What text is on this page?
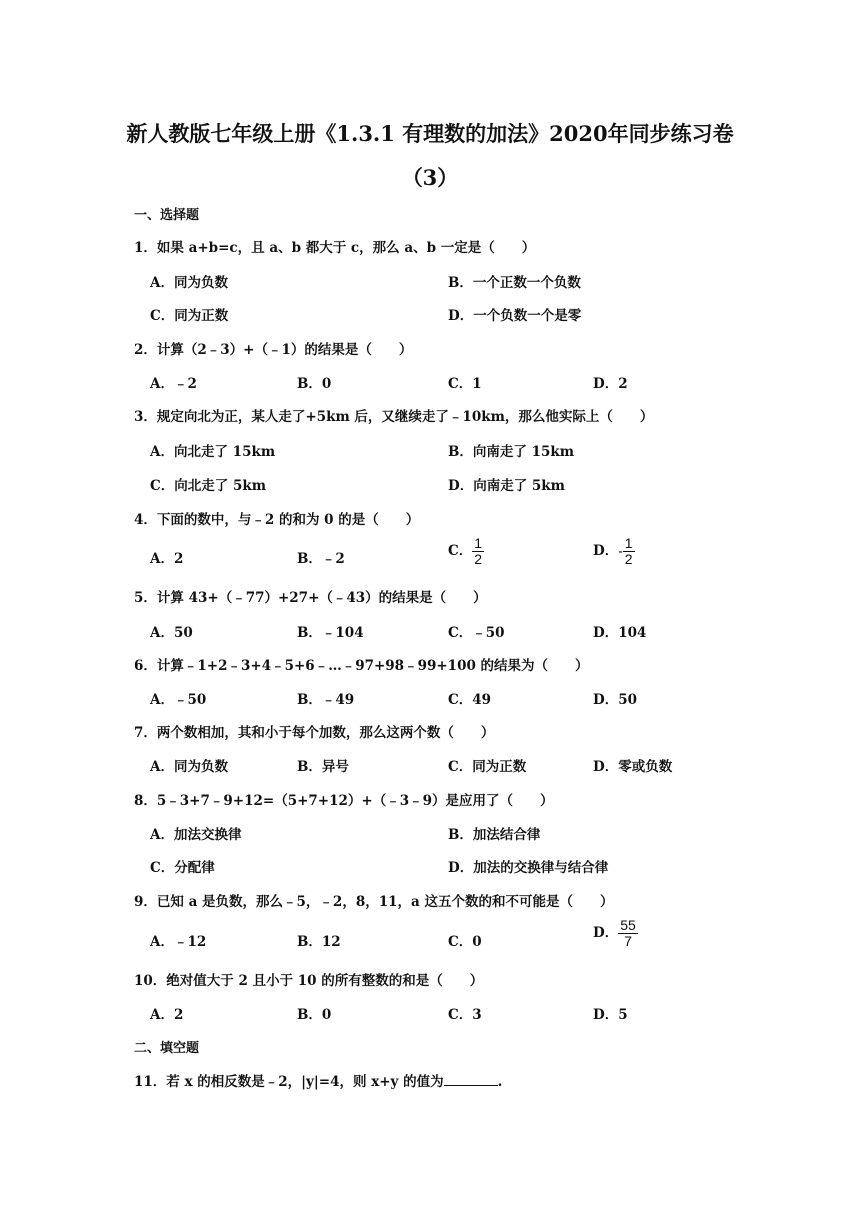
新人教版七年级上册《1.3.1 有理数的加法》2020年同步练习卷
（3）
一、选择题
1．如果 a+b=c，且 a、b 都大于 c，那么 a、b 一定是（　　）
A．同为负数	B．一个正数一个负数
C．同为正数	D．一个负数一个是零
2．计算（2﹣3）+（﹣1）的结果是（　　）
A．﹣2	B．0	C．1	D．2
3．规定向北为正，某人走了+5km 后，又继续走了﹣10km，那么他实际上（　　）
A．向北走了 15km	B．向南走了 15km
C．向北走了 5km	D．向南走了 5km
4．下面的数中，与﹣2 的和为 0 的是（　　）
A．2	B．﹣2	C． $\frac{1}{2}$	D．- $\frac{1}{2}$
5．计算 43+（﹣77）+27+（﹣43）的结果是（　　）
A．50	B．﹣104	C．﹣50	D．104
6．计算﹣1+2﹣3+4﹣5+6﹣…﹣97+98﹣99+100 的结果为（　　）
A．﹣50	B．﹣49	C．49	D．50
7．两个数相加，其和小于每个加数，那么这两个数（　　）
A．同为负数	B．异号	C．同为正数	D．零或负数
8．5﹣3+7﹣9+12=（5+7+12）+（﹣3﹣9）是应用了（　　）
A．加法交换律	B．加法结合律
C．分配律	D．加法的交换律与结合律
9．已知 a 是负数，那么﹣5，﹣2，8，11，a 这五个数的和不可能是（　　）
A．﹣12	B．12	C．0
D． $\frac{55}{7}$
10．绝对值大于 2 且小于 10 的所有整数的和是（　　）
A．2	B．0	C．3	D．5
二、填空题
11．若 x 的相反数是﹣2，|y|=4，则 x+y 的值为	.
